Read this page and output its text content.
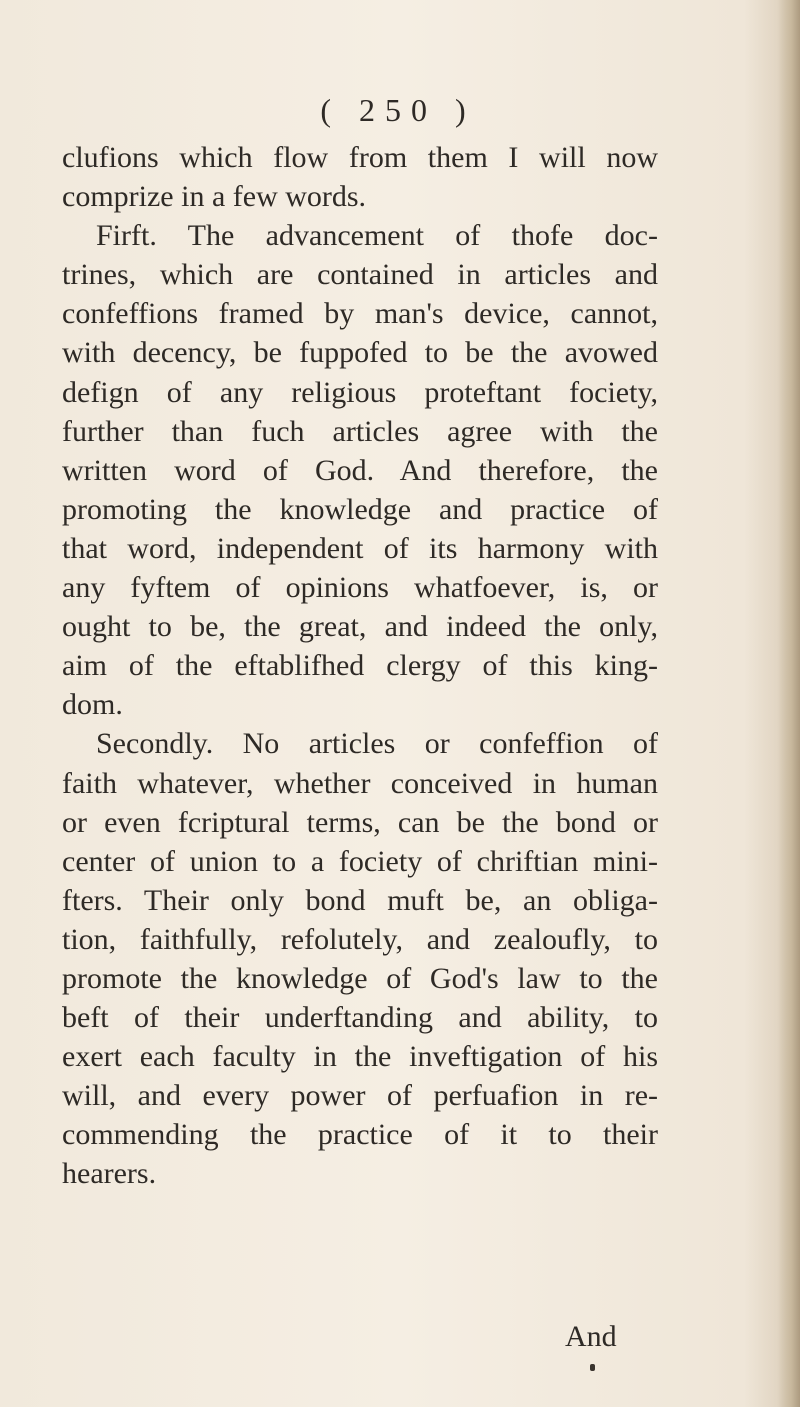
( 250 )
clufions which flow from them I will now
comprize in a few words.
Firft. The advancement of thofe doc-
trines, which are contained in articles and
confeffions framed by man's device, cannot,
with decency, be fuppofed to be the avowed
defign of any religious proteftant fociety,
further than fuch articles agree with the
written word of God. And therefore, the
promoting the knowledge and practice of
that word, independent of its harmony with
any fyftem of opinions whatfoever, is, or
ought to be, the great, and indeed the only,
aim of the eftablifhed clergy of this king-
dom.
Secondly. No articles or confeffion of
faith whatever, whether conceived in human
or even fcriptural terms, can be the bond or
center of union to a fociety of chriftian mini-
fters. Their only bond muft be, an obliga-
tion, faithfully, refolutely, and zealoufly, to
promote the knowledge of God's law to the
beft of their underftanding and ability, to
exert each faculty in the inveftigation of his
will, and every power of perfuafion in re-
commending the practice of it to their
hearers.
And
